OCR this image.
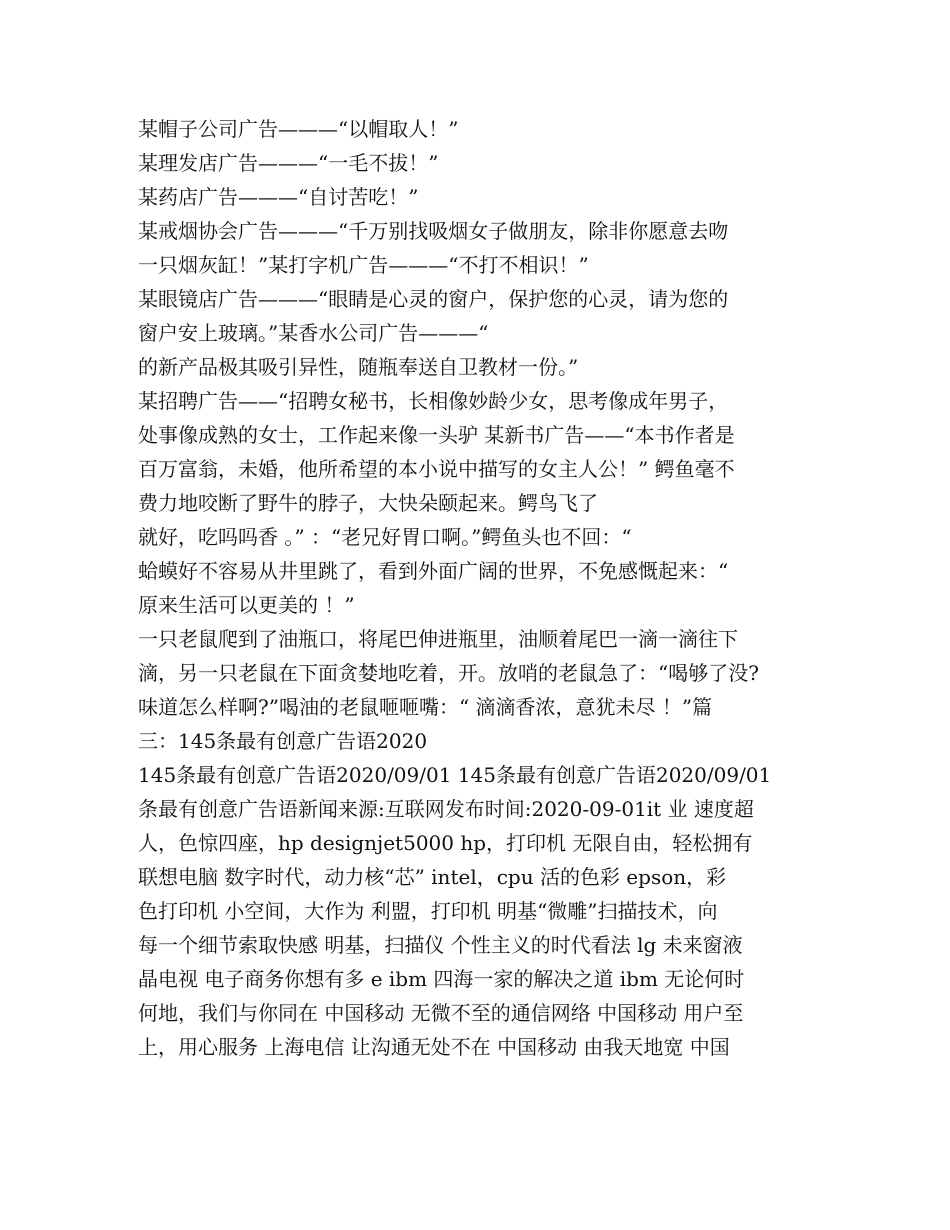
某帽子公司广告———“以帽取人！”
某理发店广告———“一毛不拔！”
某药店广告———“自讨苦吃！”
某戒烟协会广告———“千万别找吸烟女子做朋友，除非你愿意去吻
一只烟灰缸！”某打字机广告———“不打不相识！”
某眼镜店广告———“眼睛是心灵的窗户，保护您的心灵，请为您的
窗户安上玻璃。”某香水公司广告———“
的新产品极其吸引异性，随瓶奉送自卫教材一份。”
某招聘广告——“招聘女秘书，长相像妙龄少女，思考像成年男子，
处事像成熟的女士，工作起来像一头驴 某新书广告——“本书作者是
百万富翁，未婚，他所希望的本小说中描写的女主人公！” 鳄鱼毫不
费力地咬断了野牛的脖子，大快朵颐起来。鳄鸟飞了
就好，吃吗吗香 。” ：“老兄好胃口啊。”鳄鱼头也不回：“
蛤蟆好不容易从井里跳了，看到外面广阔的世界，不免感慨起来：“
原来生活可以更美的 ！”
一只老鼠爬到了油瓶口，将尾巴伸进瓶里，油顺着尾巴一滴一滴往下
滴，另一只老鼠在下面贪婪地吃着，开。放哨的老鼠急了：“喝够了没?
味道怎么样啊?”喝油的老鼠咂咂嘴：“ 滴滴香浓，意犹未尽 ！”篇
三：145条最有创意广告语2020
145条最有创意广告语2020/09/01 145条最有创意广告语2020/09/01
条最有创意广告语新闻来源:互联网发布时间:2020-09-01it 业 速度超
人，色惊四座，hp designjet5000 hp，打印机 无限自由，轻松拥有
联想电脑 数字时代，动力核“芯” intel，cpu 活的色彩 epson，彩
色打印机 小空间，大作为 利盟，打印机 明基“微雕”扫描技术，向
每一个细节索取快感 明基，扫描仪 个性主义的时代看法 lg 未来窗液
晶电视 电子商务你想有多 e ibm 四海一家的解决之道 ibm 无论何时
何地，我们与你同在 中国移动 无微不至的通信网络 中国移动 用户至
上，用心服务 上海电信 让沟通无处不在 中国移动 由我天地宽 中国
